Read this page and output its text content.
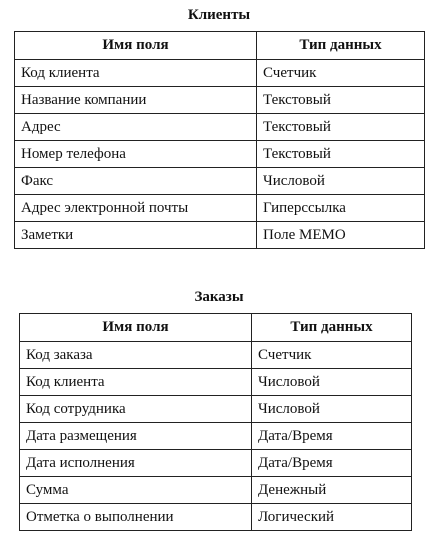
Клиенты
Имя поля	Тип данных
Код клиента	Счетчик
Название компании	Текстовый
Адрес	Текстовый
Номер телефона	Текстовый
Факс	Числовой
Адрес электронной почты	Гиперссылка
Заметки	Поле MEMO
Заказы
Имя поля	Тип данных
Код заказа	Счетчик
Код клиента	Числовой
Код сотрудника	Числовой
Дата размещения	Дата/Время
Дата исполнения	Дата/Время
Сумма	Денежный
Отметка о выполнении	Логический
